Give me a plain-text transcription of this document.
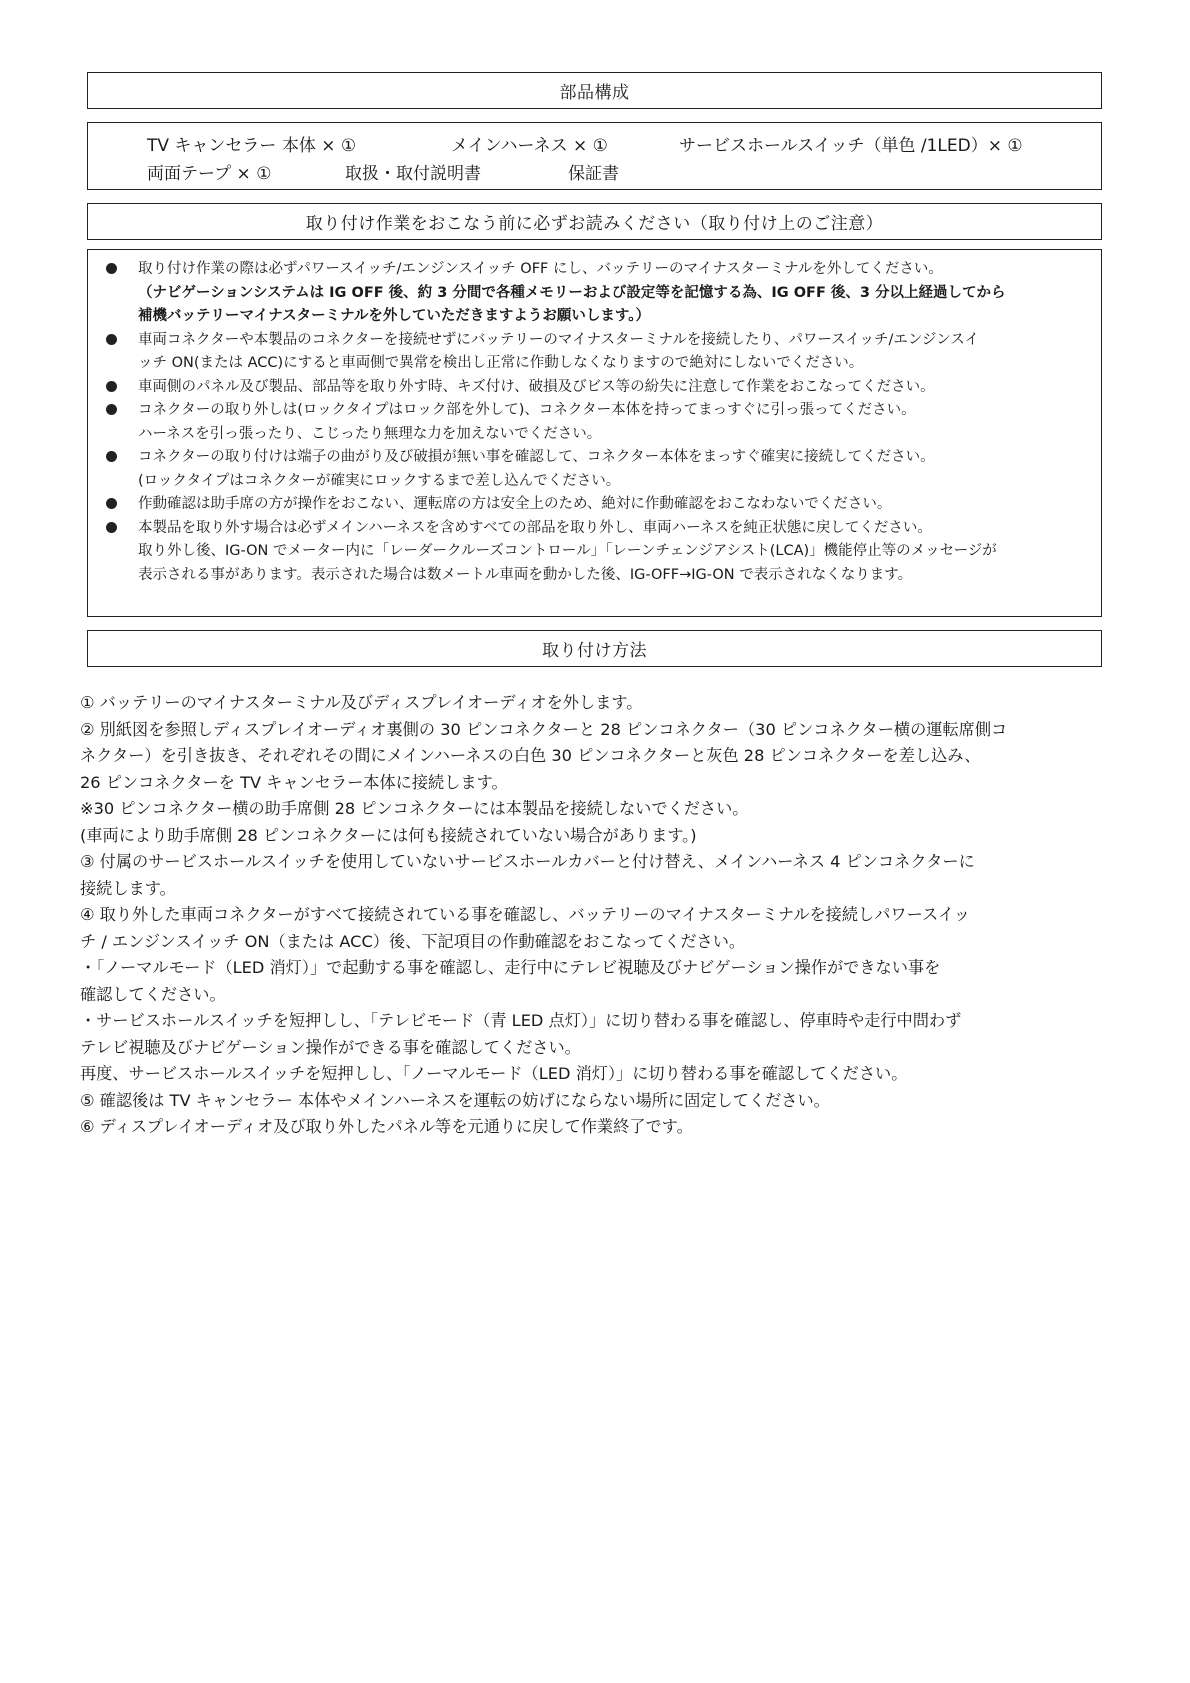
部品構成
TV キャンセラー 本体 × ①	メインハーネス × ①	サービスホールスイッチ（単色 /1LED）× ①
両面テープ × ①	取扱・取付説明書	保証書
取り付け作業をおこなう前に必ずお読みください（取り付け上のご注意）
取り付け作業の際は必ずパワースイッチ/エンジンスイッチ OFF にし、バッテリーのマイナスターミナルを外してください。
（ナビゲーションシステムは IG OFF 後、約 3 分間で各種メモリーおよび設定等を記憶する為、IG OFF 後、3 分以上経過してから
補機バッテリーマイナスターミナルを外していただきますようお願いします。）
車両コネクターや本製品のコネクターを接続せずにバッテリーのマイナスターミナルを接続したり、パワースイッチ/エンジンスイ
ッチ ON(または ACC)にすると車両側で異常を検出し正常に作動しなくなりますので絶対にしないでください。
車両側のパネル及び製品、部品等を取り外す時、キズ付け、破損及びビス等の紛失に注意して作業をおこなってください。
コネクターの取り外しは(ロックタイプはロック部を外して)、コネクター本体を持ってまっすぐに引っ張ってください。
ハーネスを引っ張ったり、こじったり無理な力を加えないでください。
コネクターの取り付けは端子の曲がり及び破損が無い事を確認して、コネクター本体をまっすぐ確実に接続してください。
(ロックタイプはコネクターが確実にロックするまで差し込んでください。
作動確認は助手席の方が操作をおこない、運転席の方は安全上のため、絶対に作動確認をおこなわないでください。
本製品を取り外す場合は必ずメインハーネスを含めすべての部品を取り外し、車両ハーネスを純正状態に戻してください。
取り外し後、IG-ON でメーター内に「レーダークルーズコントロール」「レーンチェンジアシスト(LCA)」機能停止等のメッセージが
表示される事があります。表示された場合は数メートル車両を動かした後、IG-OFF→IG-ON で表示されなくなります。
取り付け方法
① バッテリーのマイナスターミナル及びディスプレイオーディオを外します。
② 別紙図を参照しディスプレイオーディオ裏側の 30 ピンコネクターと 28 ピンコネクター（30 ピンコネクター横の運転席側コ
ネクター）を引き抜き、それぞれその間にメインハーネスの白色 30 ピンコネクターと灰色 28 ピンコネクターを差し込み、
26 ピンコネクターを TV キャンセラー本体に接続します。
※30 ピンコネクター横の助手席側 28 ピンコネクターには本製品を接続しないでください。
(車両により助手席側 28 ピンコネクターには何も接続されていない場合があります。)
③ 付属のサービスホールスイッチを使用していないサービスホールカバーと付け替え、メインハーネス 4 ピンコネクターに
接続します。
④ 取り外した車両コネクターがすべて接続されている事を確認し、バッテリーのマイナスターミナルを接続しパワースイッ
チ / エンジンスイッチ ON（または ACC）後、下記項目の作動確認をおこなってください。
・「ノーマルモード（LED 消灯）」で起動する事を確認し、走行中にテレビ視聴及びナビゲーション操作ができない事を
確認してください。
・サービスホールスイッチを短押しし、「テレビモード（青 LED 点灯）」に切り替わる事を確認し、停車時や走行中問わず
テレビ視聴及びナビゲーション操作ができる事を確認してください。
再度、サービスホールスイッチを短押しし、「ノーマルモード（LED 消灯）」に切り替わる事を確認してください。
⑤ 確認後は TV キャンセラー 本体やメインハーネスを運転の妨げにならない場所に固定してください。
⑥ ディスプレイオーディオ及び取り外したパネル等を元通りに戻して作業終了です。
